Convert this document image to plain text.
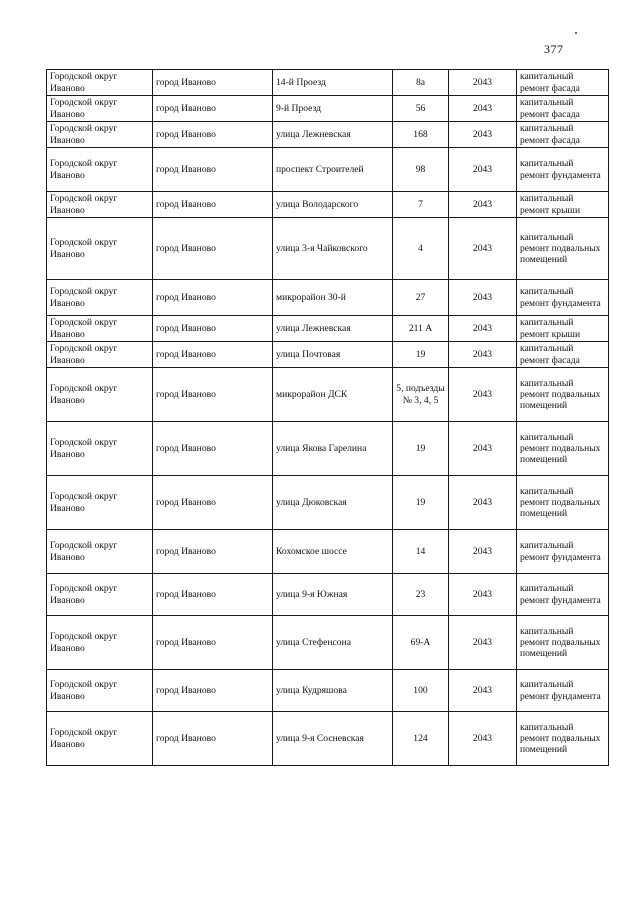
377
Городской округ Иваново	город Иваново	14-й Проезд	8а	2043	капитальный ремонт фасада
Городской округ Иваново	город Иваново	9-й Проезд	56	2043	капитальный ремонт фасада
Городской округ Иваново	город Иваново	улица Лежневская	168	2043	капитальный ремонт фасада
Городской округ Иваново	город Иваново	проспект Строителей	98	2043	капитальный ремонт фундамента
Городской округ Иваново	город Иваново	улица Володарского	7	2043	капитальный ремонт крыши
Городской округ Иваново	город Иваново	улица 3-я Чайковского	4	2043	капитальный ремонт подвальных помещений
Городской округ Иваново	город Иваново	микрорайон 30-й	27	2043	капитальный ремонт фундамента
Городской округ Иваново	город Иваново	улица Лежневская	211 А	2043	капитальный ремонт крыши
Городской округ Иваново	город Иваново	улица Почтовая	19	2043	капитальный ремонт фасада
Городской округ Иваново	город Иваново	микрорайон ДСК	5, подъезды № 3, 4, 5	2043	капитальный ремонт подвальных помещений
Городской округ Иваново	город Иваново	улица Якова Гарелина	19	2043	капитальный ремонт подвальных помещений
Городской округ Иваново	город Иваново	улица Дюковская	19	2043	капитальный ремонт подвальных помещений
Городской округ Иваново	город Иваново	Кохомское шоссе	14	2043	капитальный ремонт фундамента
Городской округ Иваново	город Иваново	улица 9-я Южная	23	2043	капитальный ремонт фундамента
Городской округ Иваново	город Иваново	улица Стефенсона	69-А	2043	капитальный ремонт подвальных помещений
Городской округ Иваново	город Иваново	улица Кудряшова	100	2043	капитальный ремонт фундамента
Городской округ Иваново	город Иваново	улица 9-я Сосневская	124	2043	капитальный ремонт подвальных помещений
